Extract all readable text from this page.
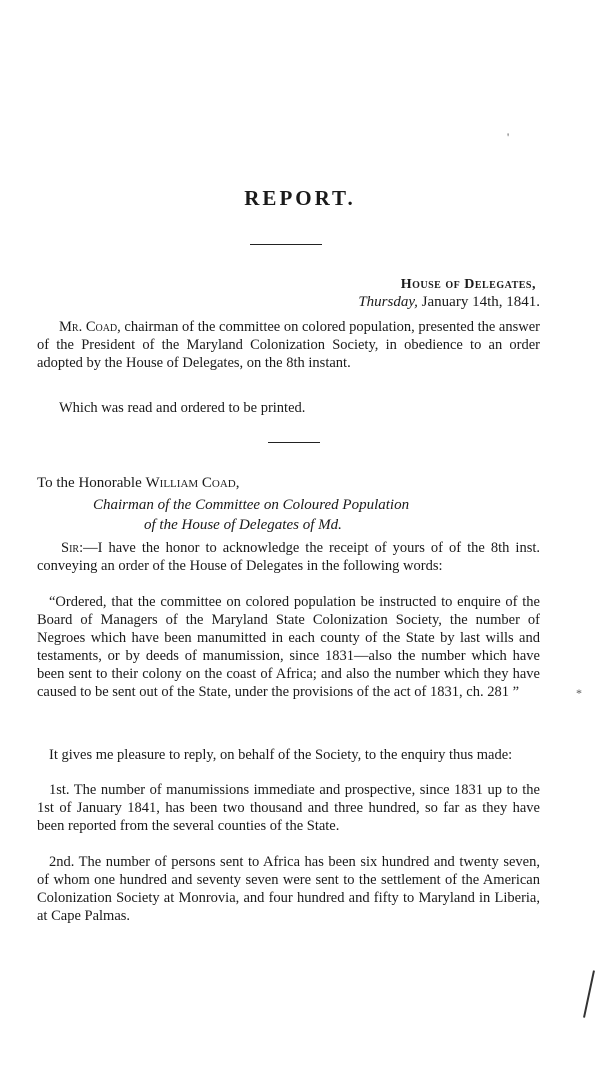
'
REPORT.
House of Delegates,
Thursday, January 14th, 1841.

Mr. Coad, chairman of the committee on colored population, presented the answer of the President of the Maryland Colonization Society, in obedience to an order adopted by the House of Delegates, on the 8th instant.

Which was read and ordered to be printed.

To the Honorable William Coad,
Chairman of the Committee on Coloured Population
of the House of Delegates of Md.

Sir:—I have the honor to acknowledge the receipt of yours of of the 8th inst. conveying an order of the House of Delegates in the following words:

“Ordered, that the committee on colored population be instructed to enquire of the Board of Managers of the Maryland State Colonization Society, the number of Negroes which have been manumitted in each county of the State by last wills and testaments, or by deeds of manumission, since 1831—also the number which have been sent to their colony on the coast of Africa; and also the number which they have caused to be sent out of the State, under the provisions of the act of 1831, ch. 281 ”	*

It gives me pleasure to reply, on behalf of the Society, to the enquiry thus made:

1st. The number of manumissions immediate and prospective, since 1831 up to the 1st of January 1841, has been two thousand and three hundred, so far as they have been reported from the several counties of the State.

2nd. The number of persons sent to Africa has been six hundred and twenty seven, of whom one hundred and seventy seven were sent to the settlement of the American Colonization Society at Monrovia, and four hundred and fifty to Maryland in Liberia, at Cape Palmas.
